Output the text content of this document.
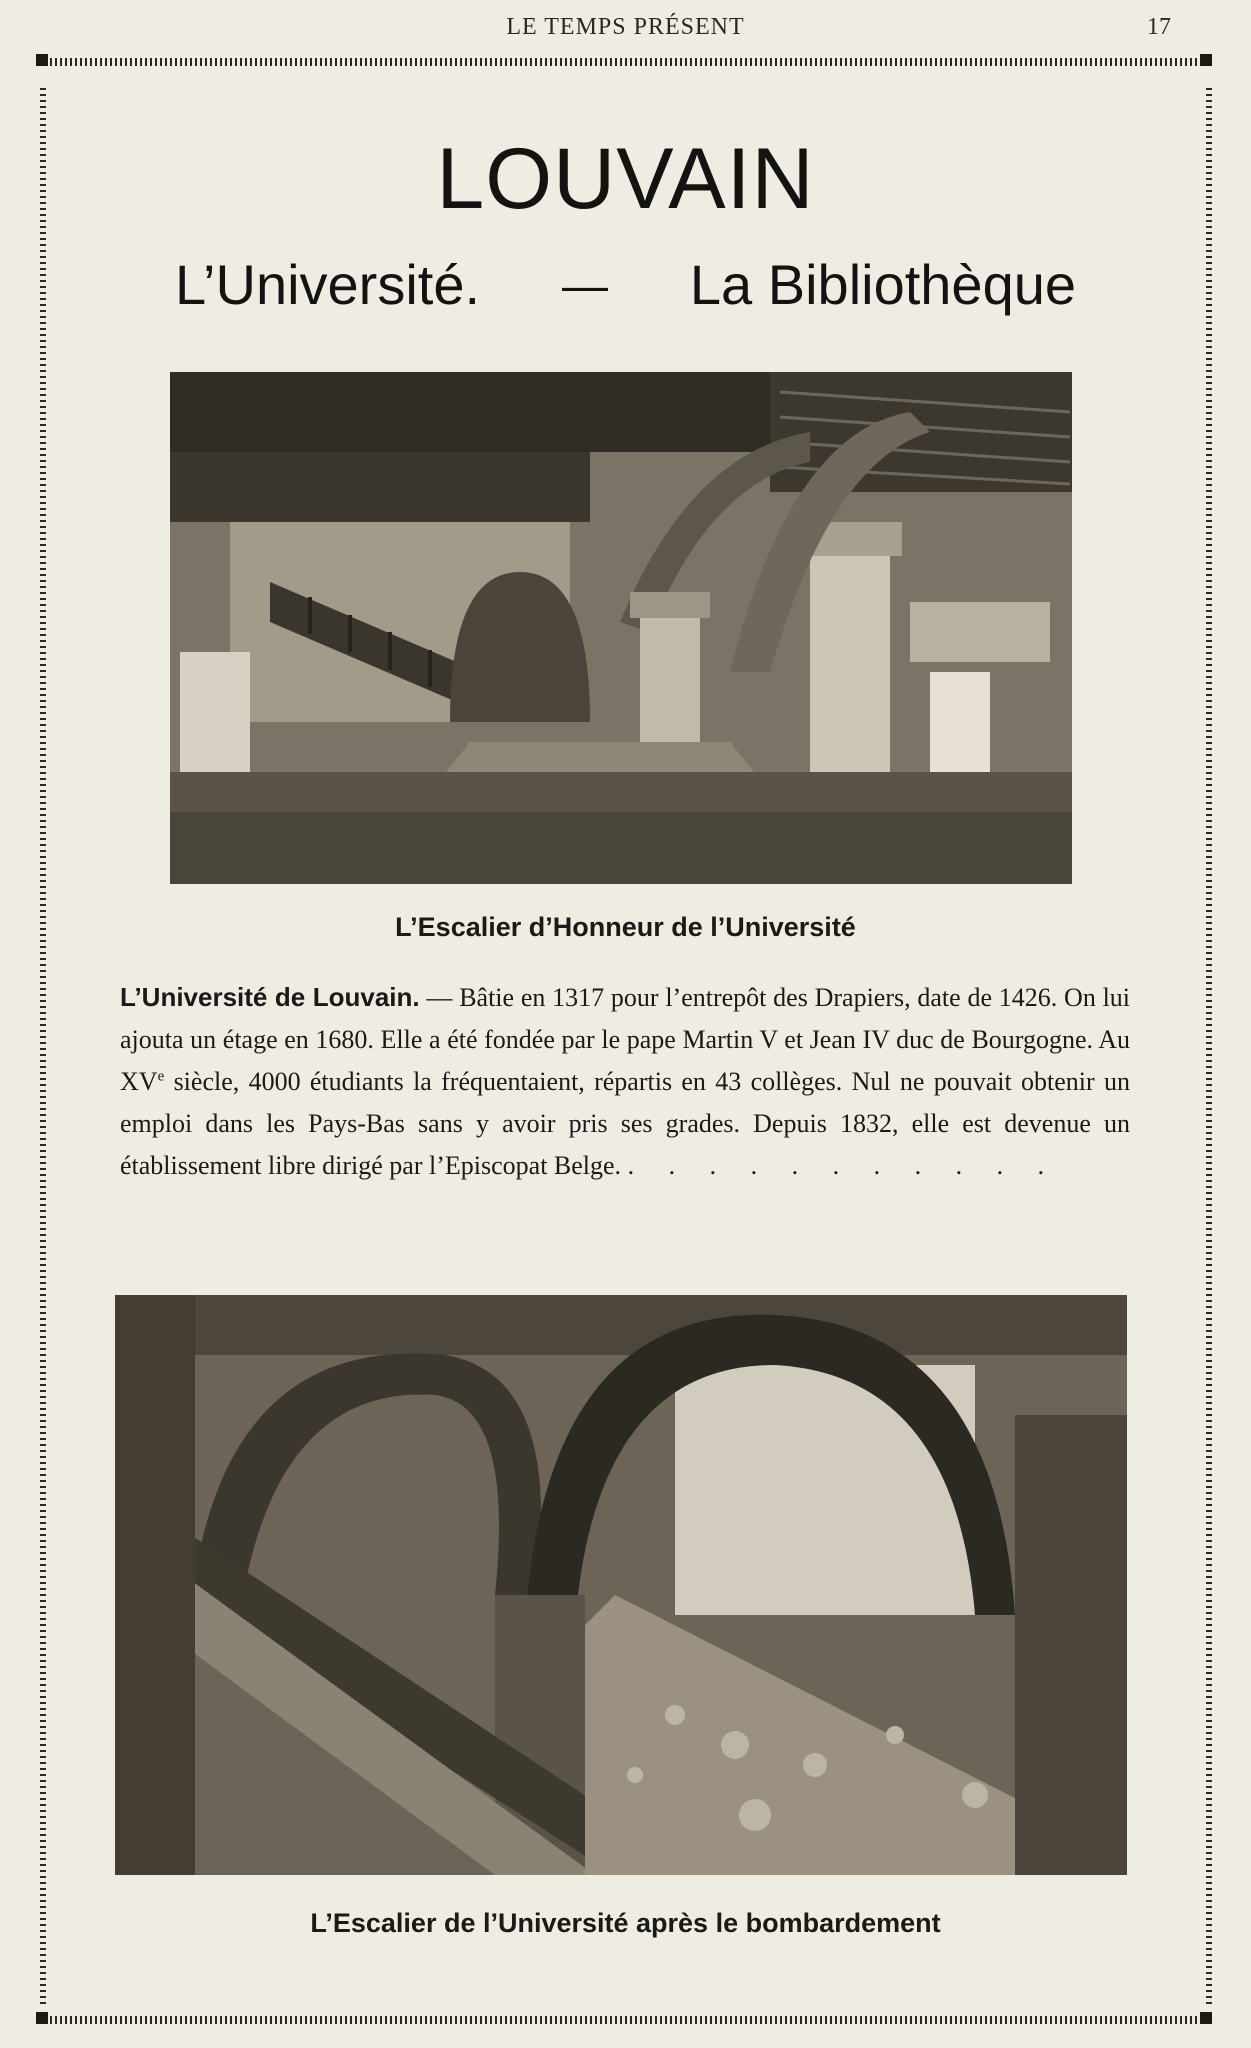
LE TEMPS PRÉSENT	17
LOUVAIN
L’Université. — La Bibliothèque
L’Escalier d’Honneur de l’Université
L’Université de Louvain. — Bâtie en 1317 pour l’entrepôt des Drapiers, date de 1426. On lui ajouta un étage en 1680. Elle a été fondée par le pape Martin V et Jean IV duc de Bourgogne. Au XVe siècle, 4000 étudiants la fréquentaient, répartis en 43 collèges. Nul ne pouvait obtenir un emploi dans les Pays-Bas sans y avoir pris ses grades. Depuis 1832, elle est devenue un établissement libre dirigé par l’Episcopat Belge. . . . . . . . . . . .
L’Escalier de l’Université après le bombardement
